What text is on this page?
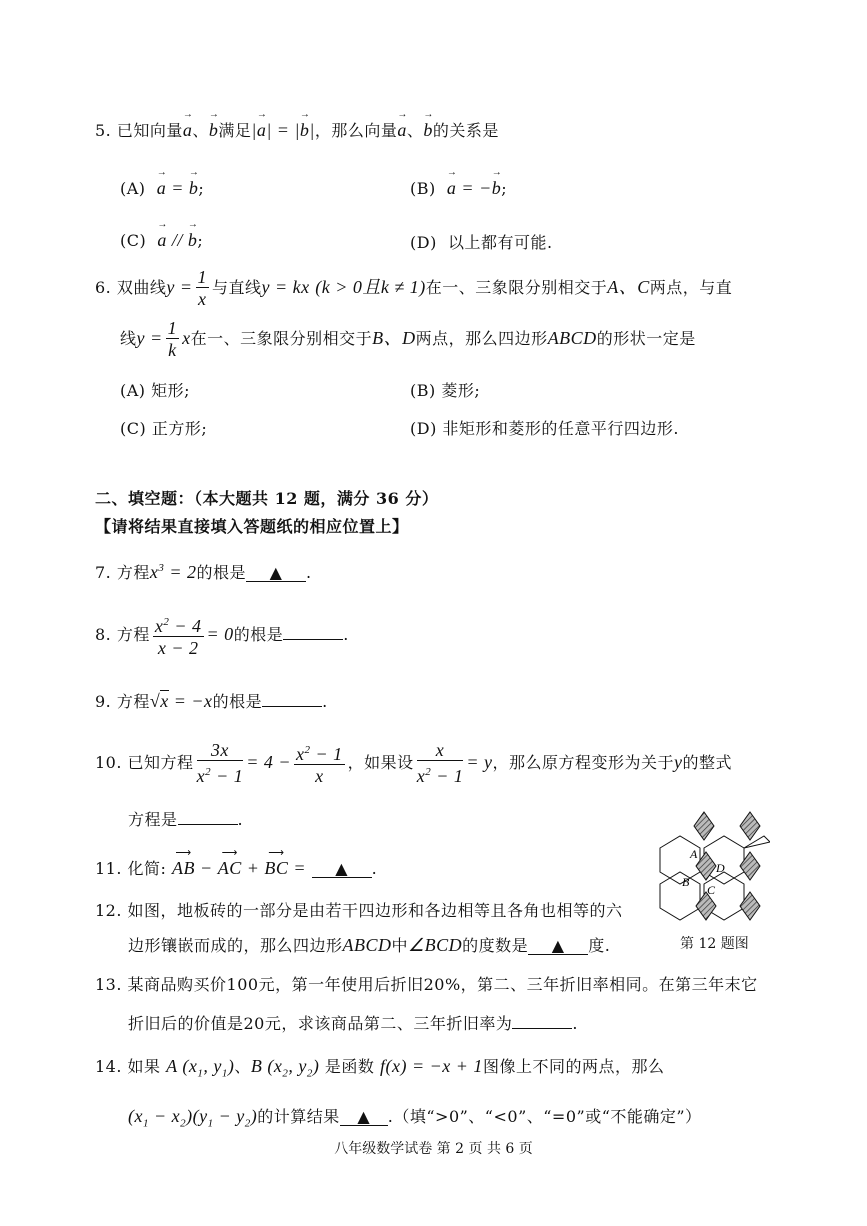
5. 已知向量→ a、→ b满足|→ a| = |→ b|，那么向量→ a、→ b的关系是
(A) → a = → b;	(B) → a = −→ b;
(C) → a // → b;	(D) 以上都有可能.
6. 双曲线$y = \frac{1}{x}$ 与直线y = kx (k > 0且k ≠ 1)在一、三象限分别相交于A、C两点，与直
线$y = \frac{1}{k}$ x在一、三象限分别相交于B、D两点，那么四边形ABCD的形状一定是
(A) 矩形;	(B) 菱形;
(C) 正方形;	(D) 非矩形和菱形的任意平行四边形.
二、填空题：（本大题共 12 题，满分 36 分）
【请将结果直接填入答题纸的相应位置上】
7. 方程$x^3 = 2$的根是 ▲ .
8. 方程 $\frac{x^2 - 4}{x - 2} = 0$的根是	.
9. 方程√x = −x的根是	.
10. 已知方程 $\frac{3x}{x^2 - 1} = 4 - \frac{x^2 - 1}{x}$ ，如果设 $\frac{x}{x^2 - 1} = y$，那么原方程变形为关于y的整式
方程是	.
11. 化简: ⟶ AB − ⟶ AC + ⟶ BC = ▲ .
12. 如图，地板砖的一部分是由若干四边形和各边相等且各角也相等的六
边形镶嵌而成的，那么四边形ABCD中∠BCD的度数是 ▲ 度.
A
B
C
D
第 12 题图
13. 某商品购买价100元，第一年使用后折旧20%，第二、三年折旧率相同。在第三年末它
折旧后的价值是20元，求该商品第二、三年折旧率为	.
14. 如果 A ($x_1$, $y_1$)、B ($x_2$, $y_2$) 是函数 f(x) = −x + 1图像上不同的两点，那么
$(x_1 - x_2)(y_1 - y_2)$的计算结果 ▲ .（填“>0”、“<0”、“=0”或“不能确定”）
八年级数学试卷 第 2 页 共 6 页
